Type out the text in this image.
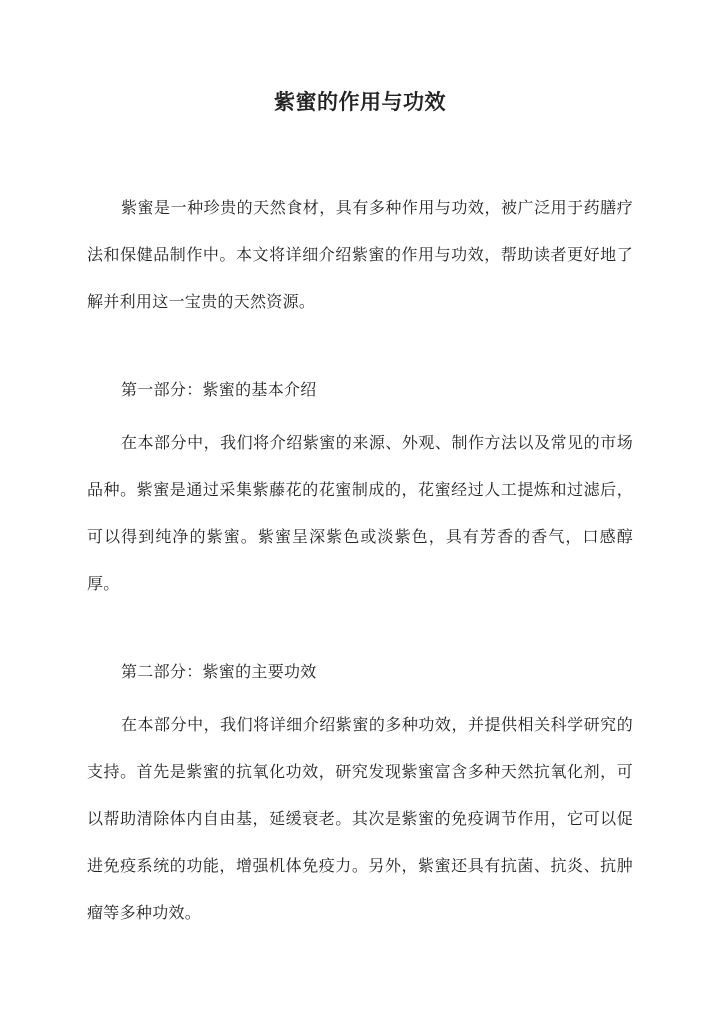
紫蜜的作用与功效

紫蜜是一种珍贵的天然食材，具有多种作用与功效，被广泛用于药膳疗法和保健品制作中。本文将详细介绍紫蜜的作用与功效，帮助读者更好地了解并利用这一宝贵的天然资源。

第一部分：紫蜜的基本介绍

在本部分中，我们将介绍紫蜜的来源、外观、制作方法以及常见的市场品种。紫蜜是通过采集紫藤花的花蜜制成的，花蜜经过人工提炼和过滤后，可以得到纯净的紫蜜。紫蜜呈深紫色或淡紫色，具有芳香的香气，口感醇厚。

第二部分：紫蜜的主要功效

在本部分中，我们将详细介绍紫蜜的多种功效，并提供相关科学研究的支持。首先是紫蜜的抗氧化功效，研究发现紫蜜富含多种天然抗氧化剂，可以帮助清除体内自由基，延缓衰老。其次是紫蜜的免疫调节作用，它可以促进免疫系统的功能，增强机体免疫力。另外，紫蜜还具有抗菌、抗炎、抗肿瘤等多种功效。
